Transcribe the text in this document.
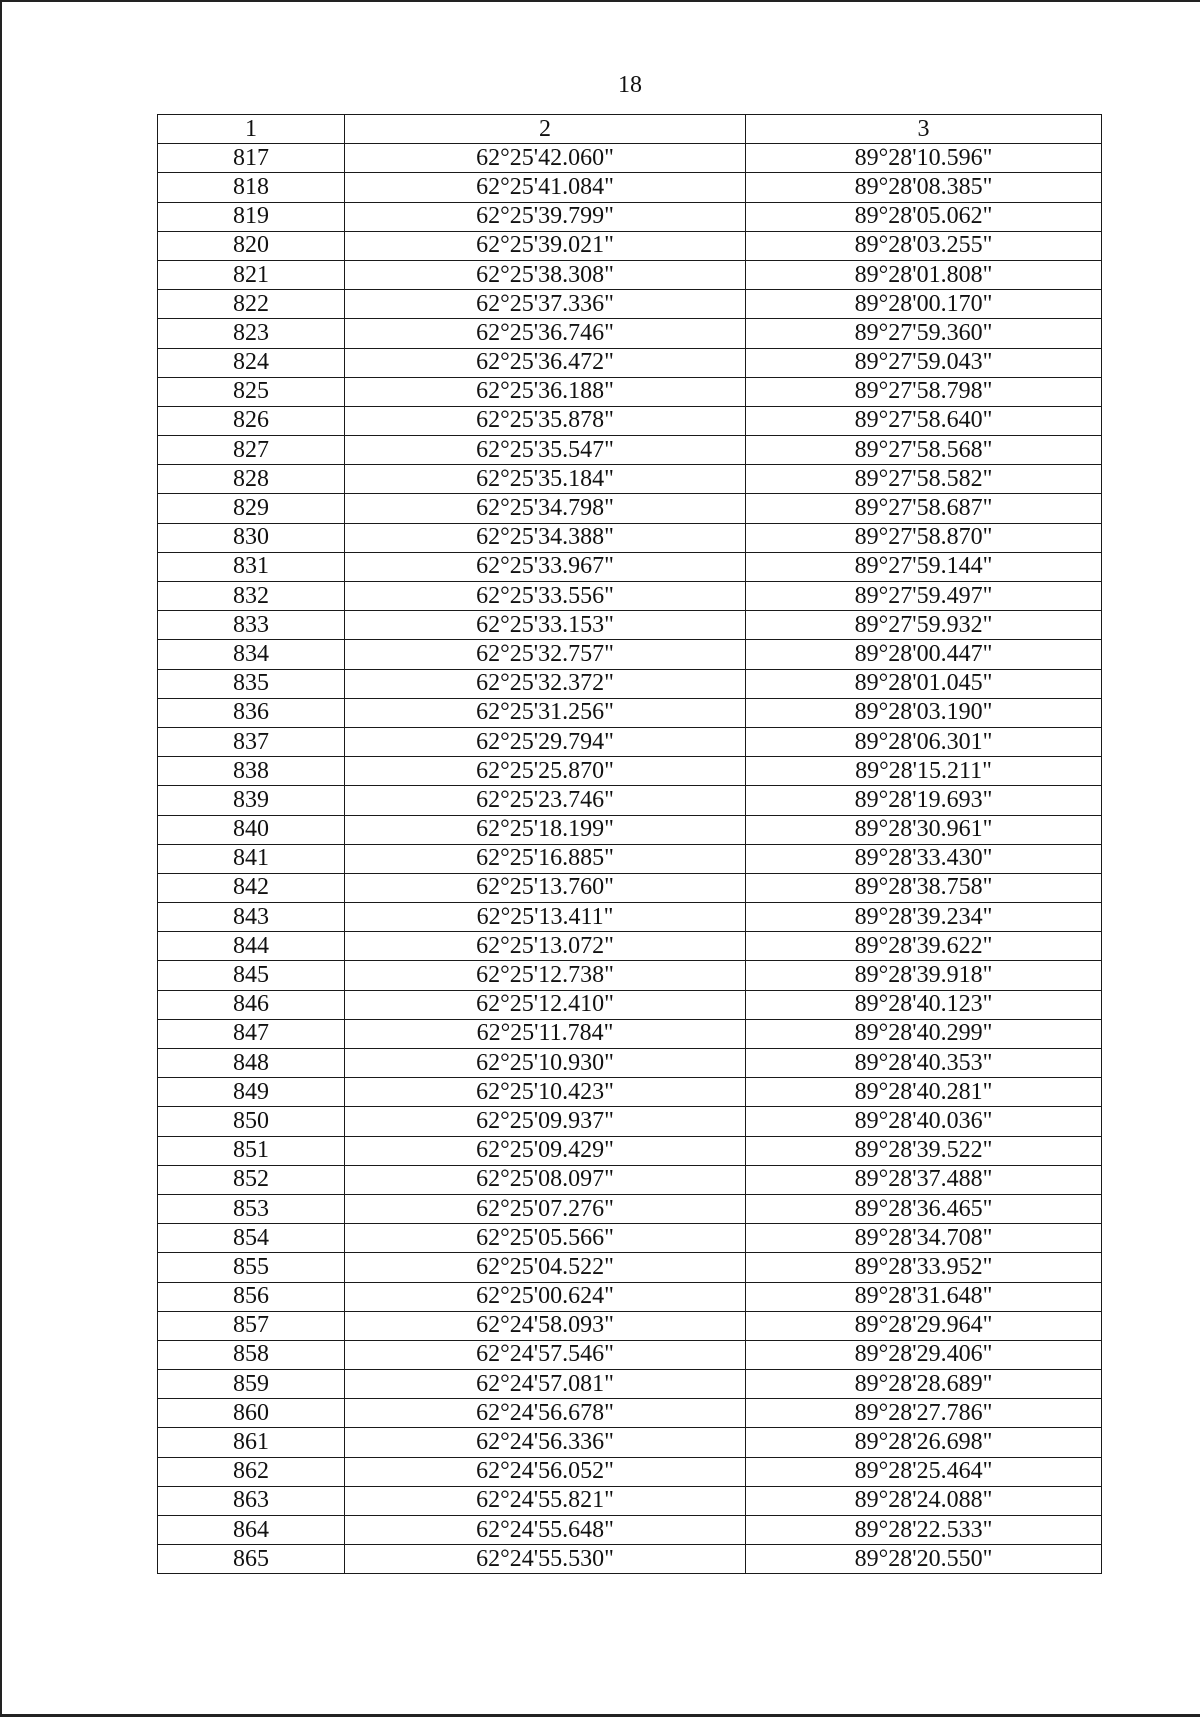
18
1	2	3
817	62°25'42.060"	89°28'10.596"
818	62°25'41.084"	89°28'08.385"
819	62°25'39.799"	89°28'05.062"
820	62°25'39.021"	89°28'03.255"
821	62°25'38.308"	89°28'01.808"
822	62°25'37.336"	89°28'00.170"
823	62°25'36.746"	89°27'59.360"
824	62°25'36.472"	89°27'59.043"
825	62°25'36.188"	89°27'58.798"
826	62°25'35.878"	89°27'58.640"
827	62°25'35.547"	89°27'58.568"
828	62°25'35.184"	89°27'58.582"
829	62°25'34.798"	89°27'58.687"
830	62°25'34.388"	89°27'58.870"
831	62°25'33.967"	89°27'59.144"
832	62°25'33.556"	89°27'59.497"
833	62°25'33.153"	89°27'59.932"
834	62°25'32.757"	89°28'00.447"
835	62°25'32.372"	89°28'01.045"
836	62°25'31.256"	89°28'03.190"
837	62°25'29.794"	89°28'06.301"
838	62°25'25.870"	89°28'15.211"
839	62°25'23.746"	89°28'19.693"
840	62°25'18.199"	89°28'30.961"
841	62°25'16.885"	89°28'33.430"
842	62°25'13.760"	89°28'38.758"
843	62°25'13.411"	89°28'39.234"
844	62°25'13.072"	89°28'39.622"
845	62°25'12.738"	89°28'39.918"
846	62°25'12.410"	89°28'40.123"
847	62°25'11.784"	89°28'40.299"
848	62°25'10.930"	89°28'40.353"
849	62°25'10.423"	89°28'40.281"
850	62°25'09.937"	89°28'40.036"
851	62°25'09.429"	89°28'39.522"
852	62°25'08.097"	89°28'37.488"
853	62°25'07.276"	89°28'36.465"
854	62°25'05.566"	89°28'34.708"
855	62°25'04.522"	89°28'33.952"
856	62°25'00.624"	89°28'31.648"
857	62°24'58.093"	89°28'29.964"
858	62°24'57.546"	89°28'29.406"
859	62°24'57.081"	89°28'28.689"
860	62°24'56.678"	89°28'27.786"
861	62°24'56.336"	89°28'26.698"
862	62°24'56.052"	89°28'25.464"
863	62°24'55.821"	89°28'24.088"
864	62°24'55.648"	89°28'22.533"
865	62°24'55.530"	89°28'20.550"
